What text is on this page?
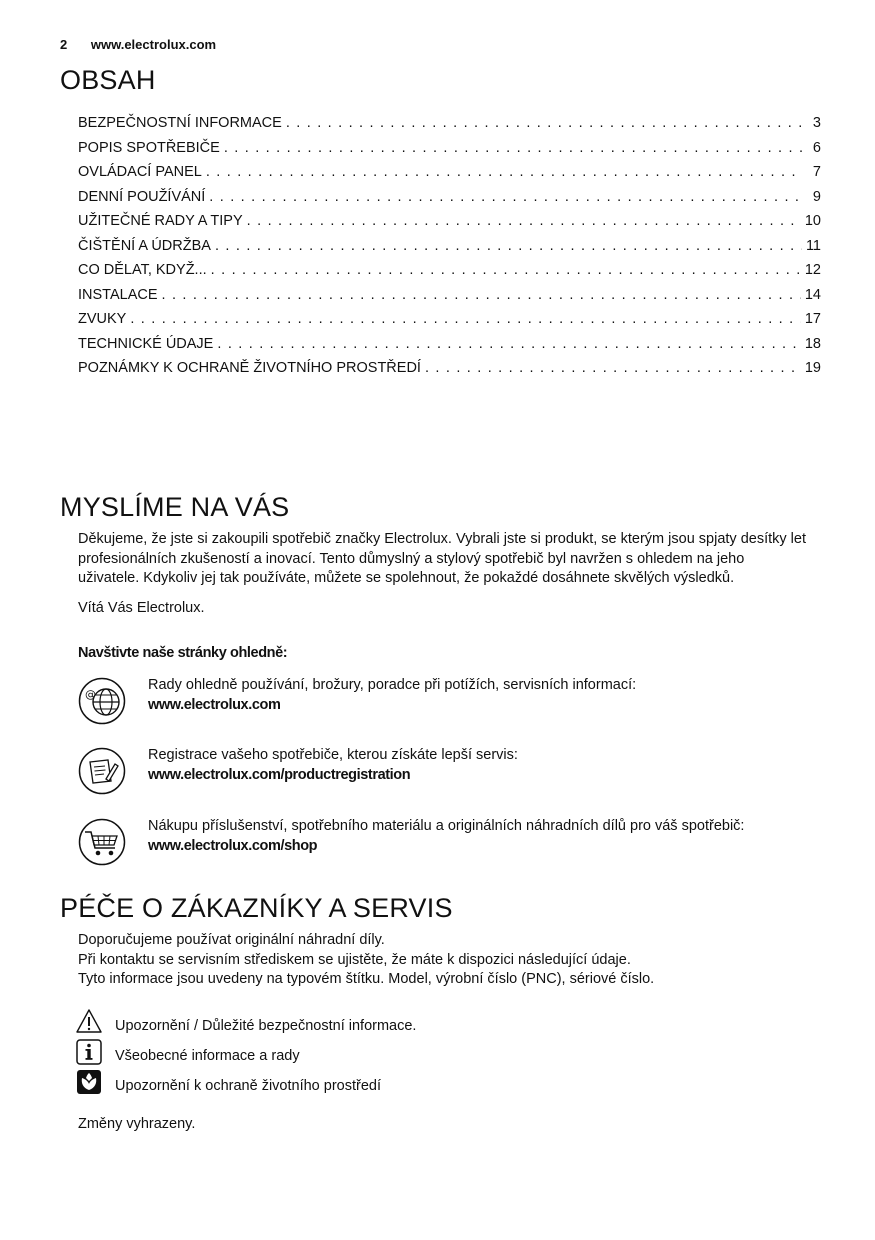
2 www.electrolux.com
OBSAH
BEZPEČNOSTNÍ INFORMACE . . .	3
POPIS SPOTŘEBIČE . . .	6
OVLÁDACÍ PANEL . . .	7
DENNÍ POUŽÍVÁNÍ . . .	9
UŽITEČNÉ RADY A TIPY . . .	10
ČIŠTĚNÍ A ÚDRŽBA . . .	11
CO DĚLAT, KDYŽ... . . .	12
INSTALACE . . .	14
ZVUKY . . .	17
TECHNICKÉ ÚDAJE . . .	18
POZNÁMKY K OCHRANĚ ŽIVOTNÍHO PROSTŘEDÍ . . .	19
MYSLÍME NA VÁS
Děkujeme, že jste si zakoupili spotřebič značky Electrolux. Vybrali jste si produkt, se kterým jsou spjaty desítky let
profesionálních zkušeností a inovací. Tento důmyslný a stylový spotřebič byl navržen s ohledem na jeho
uživatele. Kdykoliv jej tak používáte, můžete se spolehnout, že pokaždé dosáhnete skvělých výsledků.
Vítá Vás Electrolux.
Navštivte naše stránky ohledně:
@
Rady ohledně používání, brožury, poradce při potížích, servisních informací:
www.electrolux.com
Registrace vašeho spotřebiče, kterou získáte lepší servis:
www.electrolux.com/productregistration
Nákupu příslušenství, spotřebního materiálu a originálních náhradních dílů pro váš spotřebič:
www.electrolux.com/shop
PÉČE O ZÁKAZNÍKY A SERVIS
Doporučujeme používat originální náhradní díly.
Při kontaktu se servisním střediskem se ujistěte, že máte k dispozici následující údaje.
Tyto informace jsou uvedeny na typovém štítku. Model, výrobní číslo (PNC), sériové číslo.
Upozornění / Důležité bezpečnostní informace.
Všeobecné informace a rady
Upozornění k ochraně životního prostředí
Změny vyhrazeny.
